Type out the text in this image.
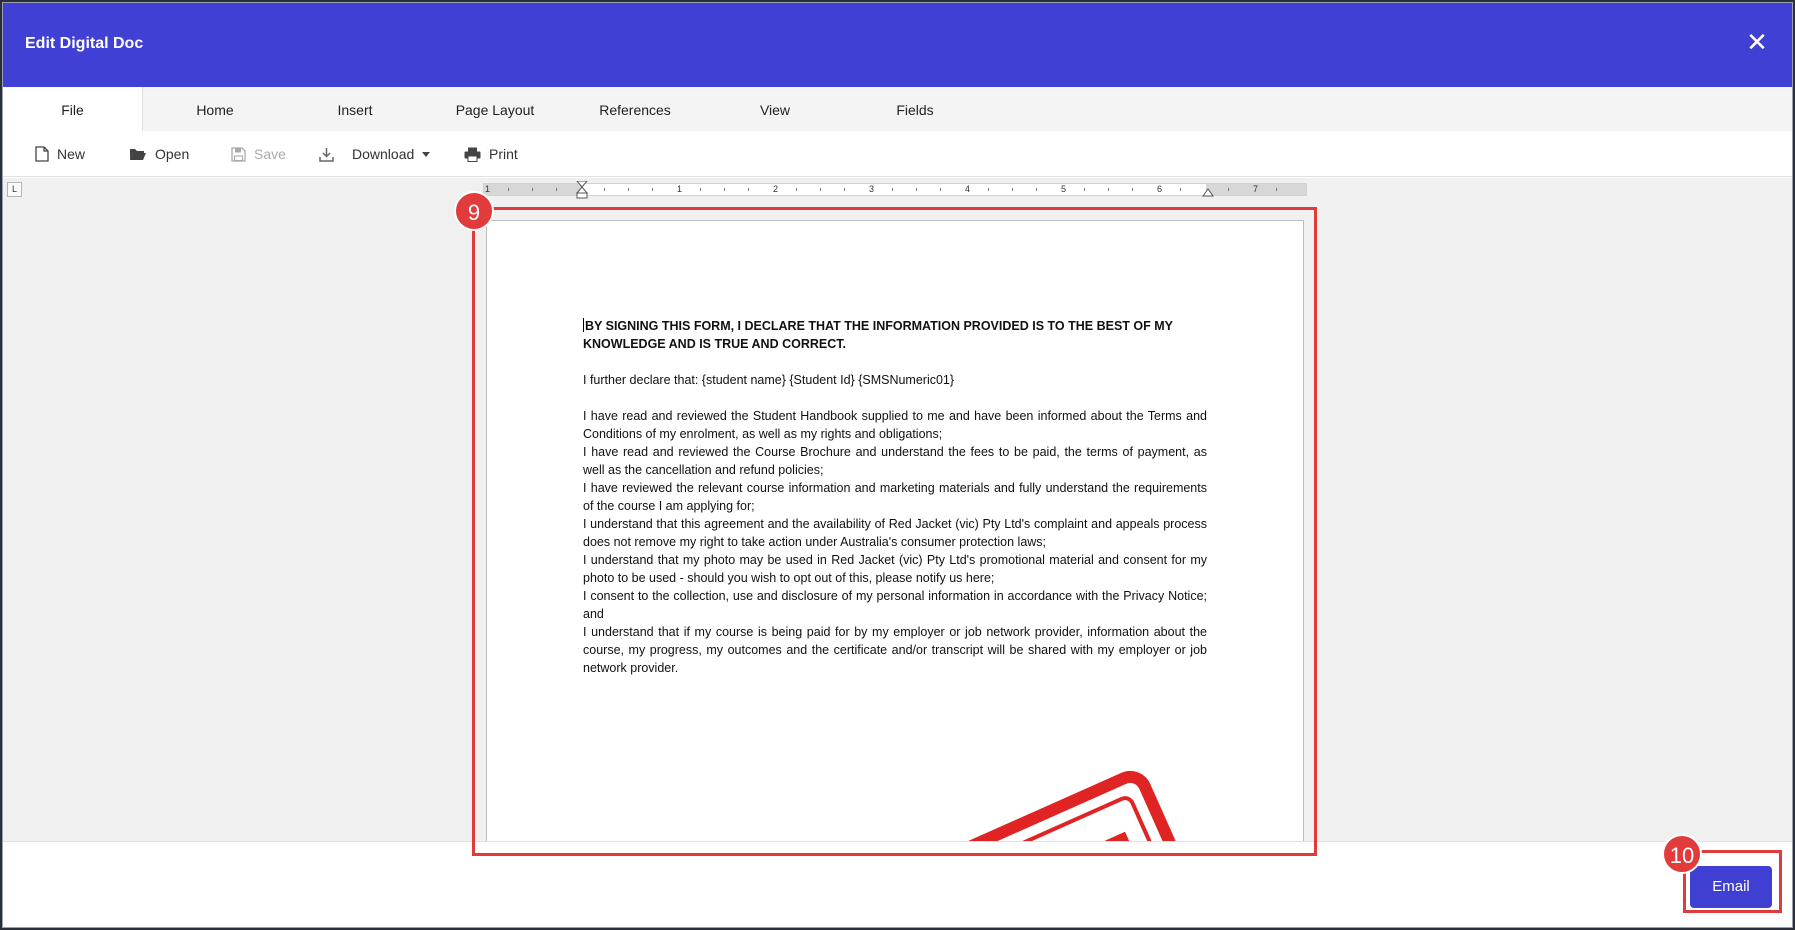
Edit Digital Doc	✕
File	Home	Insert	Page Layout	References	View	Fields
New	Open	Save	Download	Print
L	1	1	2	3	4	5	6	7
BY SIGNING THIS FORM, I DECLARE THAT THE INFORMATION PROVIDED IS TO THE BEST OF MY KNOWLEDGE AND IS TRUE AND CORRECT.
I further declare that: {student name} {Student Id} {SMSNumeric01}
I have read and reviewed the Student Handbook supplied to me and have been informed about the Terms and Conditions of my enrolment, as well as my rights and obligations;
I have read and reviewed the Course Brochure and understand the fees to be paid, the terms of payment, as well as the cancellation and refund policies;
I have reviewed the relevant course information and marketing materials and fully understand the requirements of the course I am applying for;
I understand that this agreement and the availability of Red Jacket (vic) Pty Ltd's complaint and appeals process does not remove my right to take action under Australia's consumer protection laws;
I understand that my photo may be used in Red Jacket (vic) Pty Ltd's promotional material and consent for my photo to be used - should you wish to opt out of this, please notify us here;
I consent to the collection, use and disclosure of my personal information in accordance with the Privacy Notice; and
I understand that if my course is being paid for by my employer or job network provider, information about the course, my progress, my outcomes and the certificate and/or transcript will be shared with my employer or job network provider.
Email
9
10
